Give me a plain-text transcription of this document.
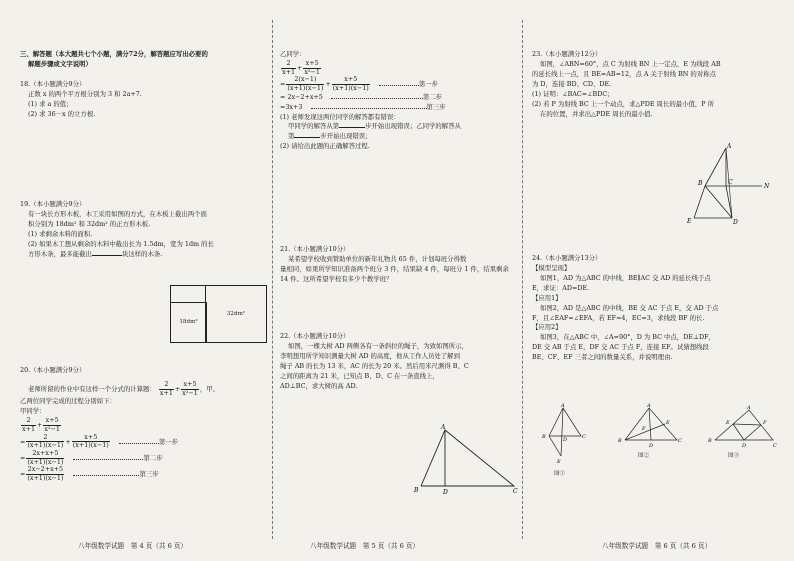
三、解答题（本大题共七个小题，满分72分，解答题应写出必要的

解题步骤或文字说明）

18.（本小题满分9分）

正数 x 的两个平方根分别为 3 和 2a+7.

(1) 求 a 的值；

(2) 求 36－x 的立方根.

19.（本小题满分9分）

有一块长方形木板，木工采用如图的方式，在木板上截出两个面

积分别为 18dm² 和 32dm² 的正方形木板.

(1) 求剩余木料的面积.

(2) 如果木工想从剩余的木料中截出长为 1.5dm，宽为 1dm 的长

方形木条，最多能截出	块这样的木条.

18dm²
32dm²

20.（本小题满分9分）

老师所留的作业中有这样一个分式的计算题： $\frac{2}{x+1} + \frac{x+5}{\text{x²−1}}$ ，甲、

乙两位同学完成的过程分别如下：

甲同学：

$\frac{2}{x+1} + \frac{x+5}{\text{x²−1}}$

= $\frac{2}{(x+1)(x-1)} + \frac{x+5}{(x+1)(x-1)}$	第一步

= $\frac{2x+x+5}{(x+1)(x-1)}$	第二步

= $\frac{2x-2+x+5}{(x+1)(x-1)}$	第三步

八年级数学试题　第 4 页（共 6 页）

乙同学：

$\frac{2}{x+1} + \frac{x+5}{\text{x²−1}}$

= $\frac{2(x-1)}{(x+1)(x-1)} + \frac{x+5}{(x+1)(x-1)}$	第一步

= 2x−2+x+5	第二步

=3x+3	第三步

(1) 老师发现这两位同学的解答都有错误：

甲同学的解答从第	步开始出现错误；乙同学的解答从

第	步开始出现错误；

(2) 请给出此题的正确解答过程.

21.（本小题满分10分）

某希望学校收到赞助单位的新年礼物共 65 件，计划每班分得数

量相同，如果所学知识准备两个班分 3 件，结果缺 4 件，每班分 1 件，结果剩余

14 件。这所希望学校有多少个教学班？

22.（本小题满分10分）

如图，一棵大树 AD 两侧各有一条斜拉的绳子，为致如图所示，

李明想用所学知识测量大树 AD 的高度，他从工作人员处了解到

绳子 AB 的长为 13 米，AC 的长为 20 米。然后用米尺测得 B、C

之间的距离为 21 米，已知点 B、D、C 在一条直线上，

AD⊥BC，求大树的高 AD.

A
B	D	C
八年级数学试题　第 5 页（共 6 页）

23.（本小题满分12分）

如图，∠ABN=60°，点 C 为射线 BN 上一定点，E 为线段 AB

的延长线上一点，且 BE=AB=12，点 A 关于射线 BN 的对称点

为 D，连接 BD、CD、DE.

(1) 证明：∠BAC=∠BDC；

(2) 若 P 为射线 BC 上一个动点，求△PDE 周长的最小值，P 所

在的位置，并求出△PDE 周长的最小值.

A
B	C
N
E	D

24.（本小题满分13分）

【模型呈现】

如图1，AD 为△ABC 的中线，BE∥AC 交 AD 的延长线于点

E，求证：AD=DE.

【应用1】

如图2，AD 是△ABC 的中线，BE 交 AC 于点 E，交 AD 于点

F，且∠EAF=∠EFA，若 EF=4，EC=3，求线段 BF 的长.

【应用2】

如图3，在△ABC 中，∠A=90°，D 为 BC 中点，DE⊥DF，

DE 交 AB 于点 E，DF 交 AC 于点 F，连接 EF。试猜想线段

BE、CF、EF 三者之间的数量关系，并说明理由.

A
B	C
D
E
A
B	C
D
E
F
A
B
C
D
E	F
图①
图②	图③
八年级数学试题　第 6 页（共 6 页）
